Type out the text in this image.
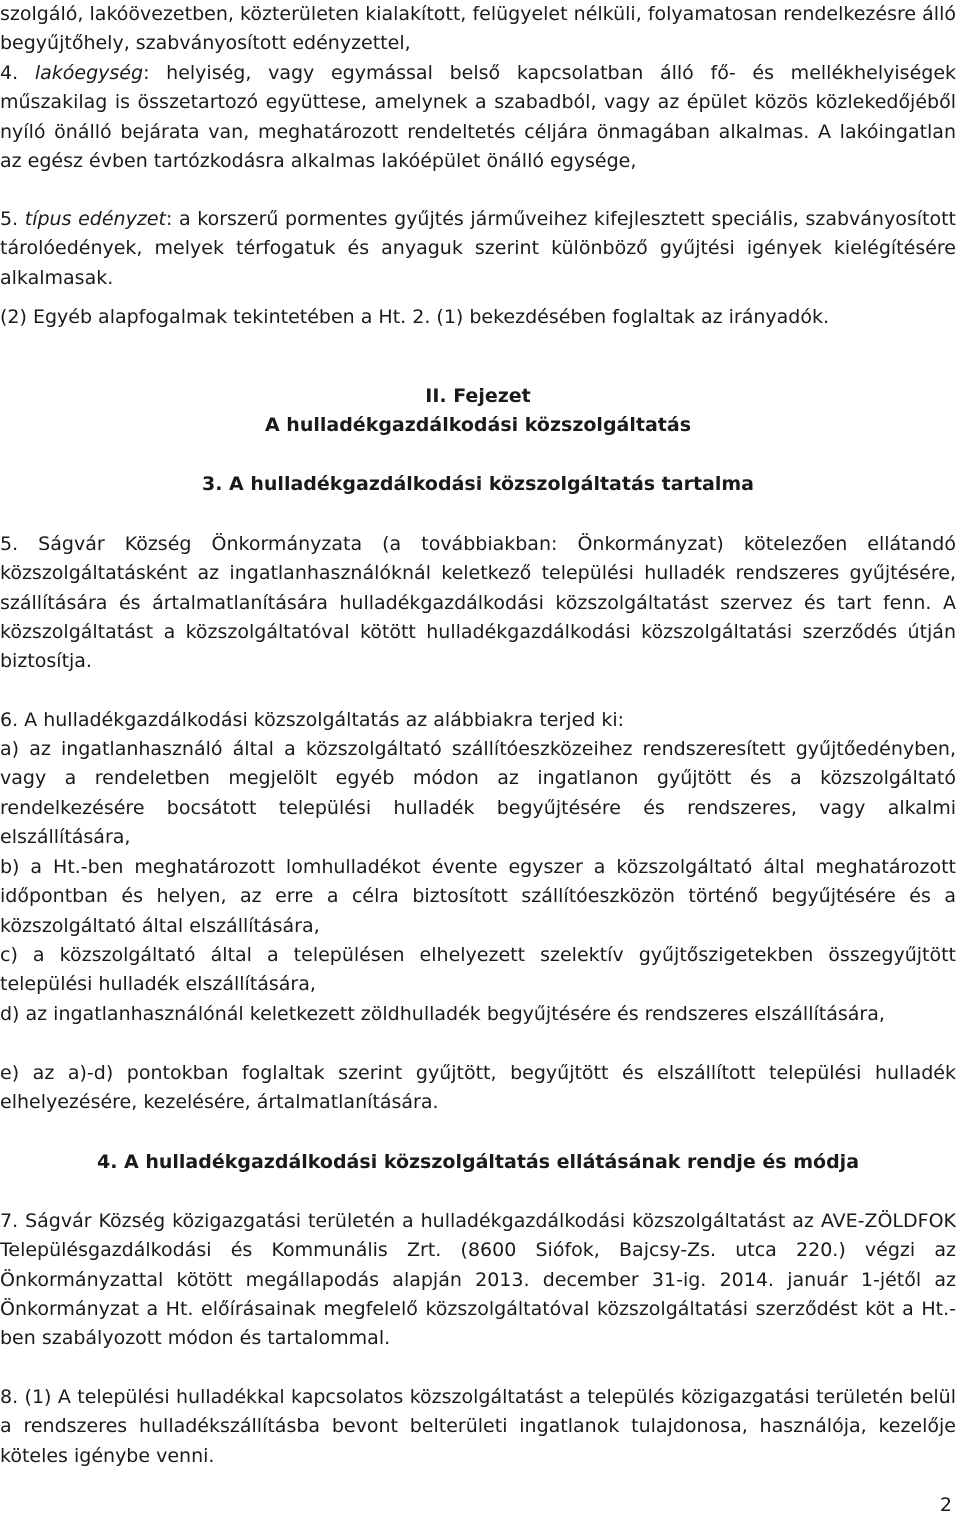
szolgáló, lakóövezetben, közterületen kialakított, felügyelet nélküli, folyamatosan rendelkezésre álló begyűjtőhely, szabványosított edényzettel,

4. lakóegység: helyiség, vagy egymással belső kapcsolatban álló fő- és mellékhelyiségek műszakilag is összetartozó együttese, amelynek a szabadból, vagy az épület közös közlekedőjéből nyíló önálló bejárata van, meghatározott rendeltetés céljára önmagában alkalmas. A lakóingatlan az egész évben tartózkodásra alkalmas lakóépület önálló egysége,

5. típus edényzet: a korszerű pormentes gyűjtés járműveihez kifejlesztett speciális, szabványosított tárolóedények, melyek térfogatuk és anyaguk szerint különböző gyűjtési igények kielégítésére alkalmasak.

(2) Egyéb alapfogalmak tekintetében a Ht. 2. (1) bekezdésében foglaltak az irányadók.

II. Fejezet

A hulladékgazdálkodási közszolgáltatás

3. A hulladékgazdálkodási közszolgáltatás tartalma

5. Ságvár Község Önkormányzata (a továbbiakban: Önkormányzat) kötelezően ellátandó közszolgáltatásként az ingatlanhasználóknál keletkező települési hulladék rendszeres gyűjtésére, szállítására és ártalmatlanítására hulladékgazdálkodási közszolgáltatást szervez és tart fenn. A közszolgáltatást a közszolgáltatóval kötött hulladékgazdálkodási közszolgáltatási szerződés útján biztosítja.

6. A hulladékgazdálkodási közszolgáltatás az alábbiakra terjed ki:

a) az ingatlanhasználó által a közszolgáltató szállítóeszközeihez rendszeresített gyűjtőedényben, vagy a rendeletben megjelölt egyéb módon az ingatlanon gyűjtött és a közszolgáltató rendelkezésére bocsátott települési hulladék begyűjtésére és rendszeres, vagy alkalmi elszállítására,

b) a Ht.-ben meghatározott lomhulladékot évente egyszer a közszolgáltató által meghatározott időpontban és helyen, az erre a célra biztosított szállítóeszközön történő begyűjtésére és a közszolgáltató által elszállítására,

c) a közszolgáltató által a településen elhelyezett szelektív gyűjtőszigetekben összegyűjtött települési hulladék elszállítására,

d) az ingatlanhasználónál keletkezett zöldhulladék begyűjtésére és rendszeres elszállítására,

e) az a)-d) pontokban foglaltak szerint gyűjtött, begyűjtött és elszállított települési hulladék elhelyezésére, kezelésére, ártalmatlanítására.

4. A hulladékgazdálkodási közszolgáltatás ellátásának rendje és módja

7. Ságvár Község közigazgatási területén a hulladékgazdálkodási közszolgáltatást az AVE-ZÖLDFOK Településgazdálkodási és Kommunális Zrt. (8600 Siófok, Bajcsy-Zs. utca 220.) végzi az Önkormányzattal kötött megállapodás alapján 2013. december 31-ig. 2014. január 1-jétől az Önkormányzat a Ht. előírásainak megfelelő közszolgáltatóval közszolgáltatási szerződést köt a Ht.-ben szabályozott módon és tartalommal.

8. (1) A települési hulladékkal kapcsolatos közszolgáltatást a település közigazgatási területén belül a rendszeres hulladékszállításba bevont belterületi ingatlanok tulajdonosa, használója, kezelője köteles igénybe venni.

2
